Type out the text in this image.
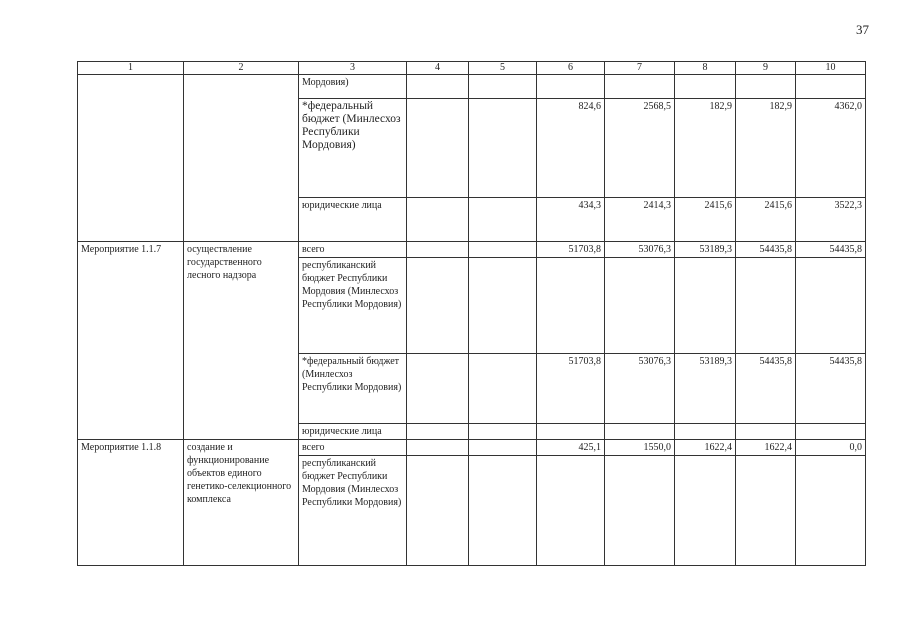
37
1	2	3	4	5	6	7	8	9	10
		Мордовия)							
		*федеральный бюджет (Минлесхоз Республики Мордовия)			824,6	2568,5	182,9	182,9	4362,0
		юридические лица			434,3	2414,3	2415,6	2415,6	3522,3
Мероприятие 1.1.7	осуществление государственного лесного надзора	всего			51703,8	53076,3	53189,3	54435,8	54435,8
		республиканский бюджет Республики Мордовия (Минлесхоз Республики Мордовия)							
		*федеральный бюджет (Минлесхоз Республики Мордовия)			51703,8	53076,3	53189,3	54435,8	54435,8
		юридические лица							
Мероприятие 1.1.8	создание и функционирование объектов единого генетико-селекционного комплекса	всего			425,1	1550,0	1622,4	1622,4	0,0
		республиканский бюджет Республики Мордовия (Минлесхоз Республики Мордовия)							
